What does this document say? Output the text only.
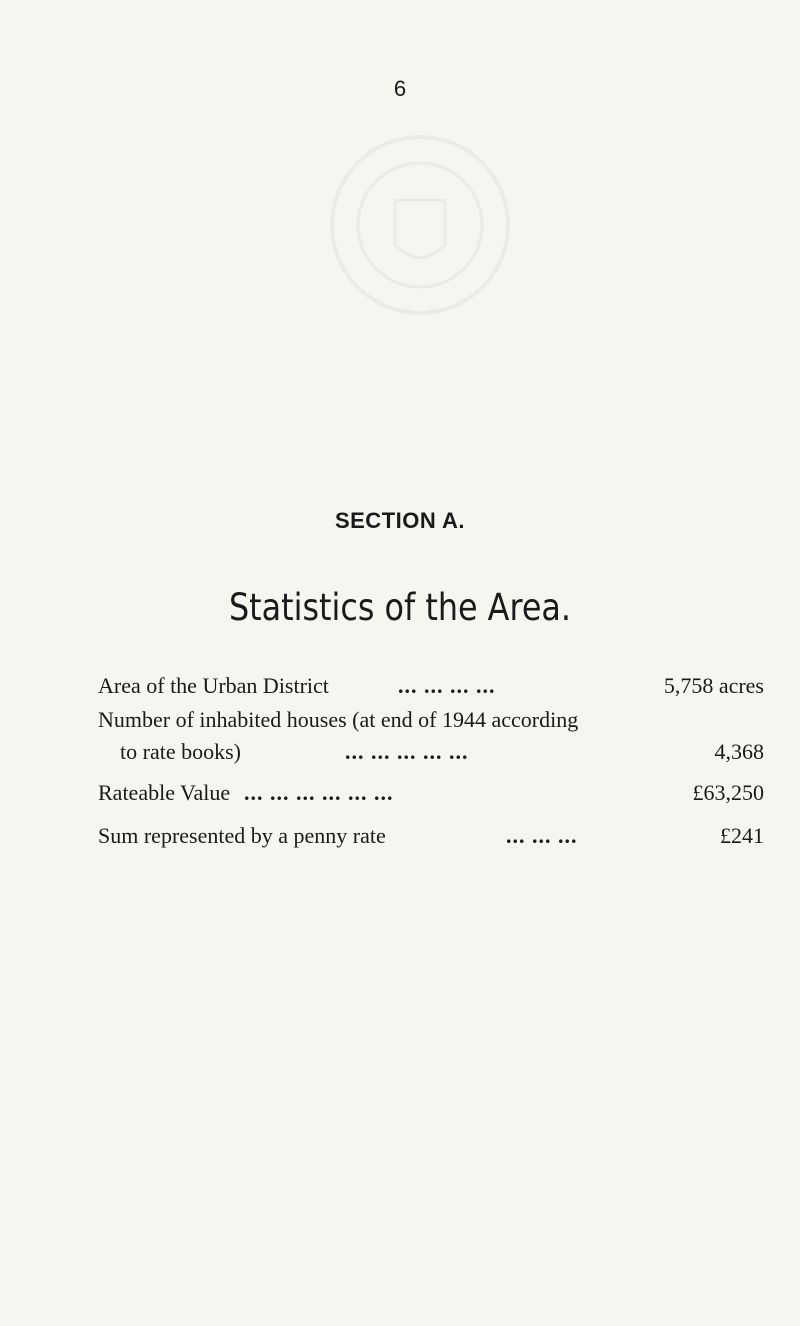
6
SECTION A.
Statistics of the Area.
Area of the Urban District	... ... ... ...	5,758 acres
Number of inhabited houses (at end of 1944 according
to rate books)	... ... ... ... ...	4,368
Rateable Value ... ... ... ... ... ...	£63,250
Sum represented by a penny rate	... ... ...	£241
